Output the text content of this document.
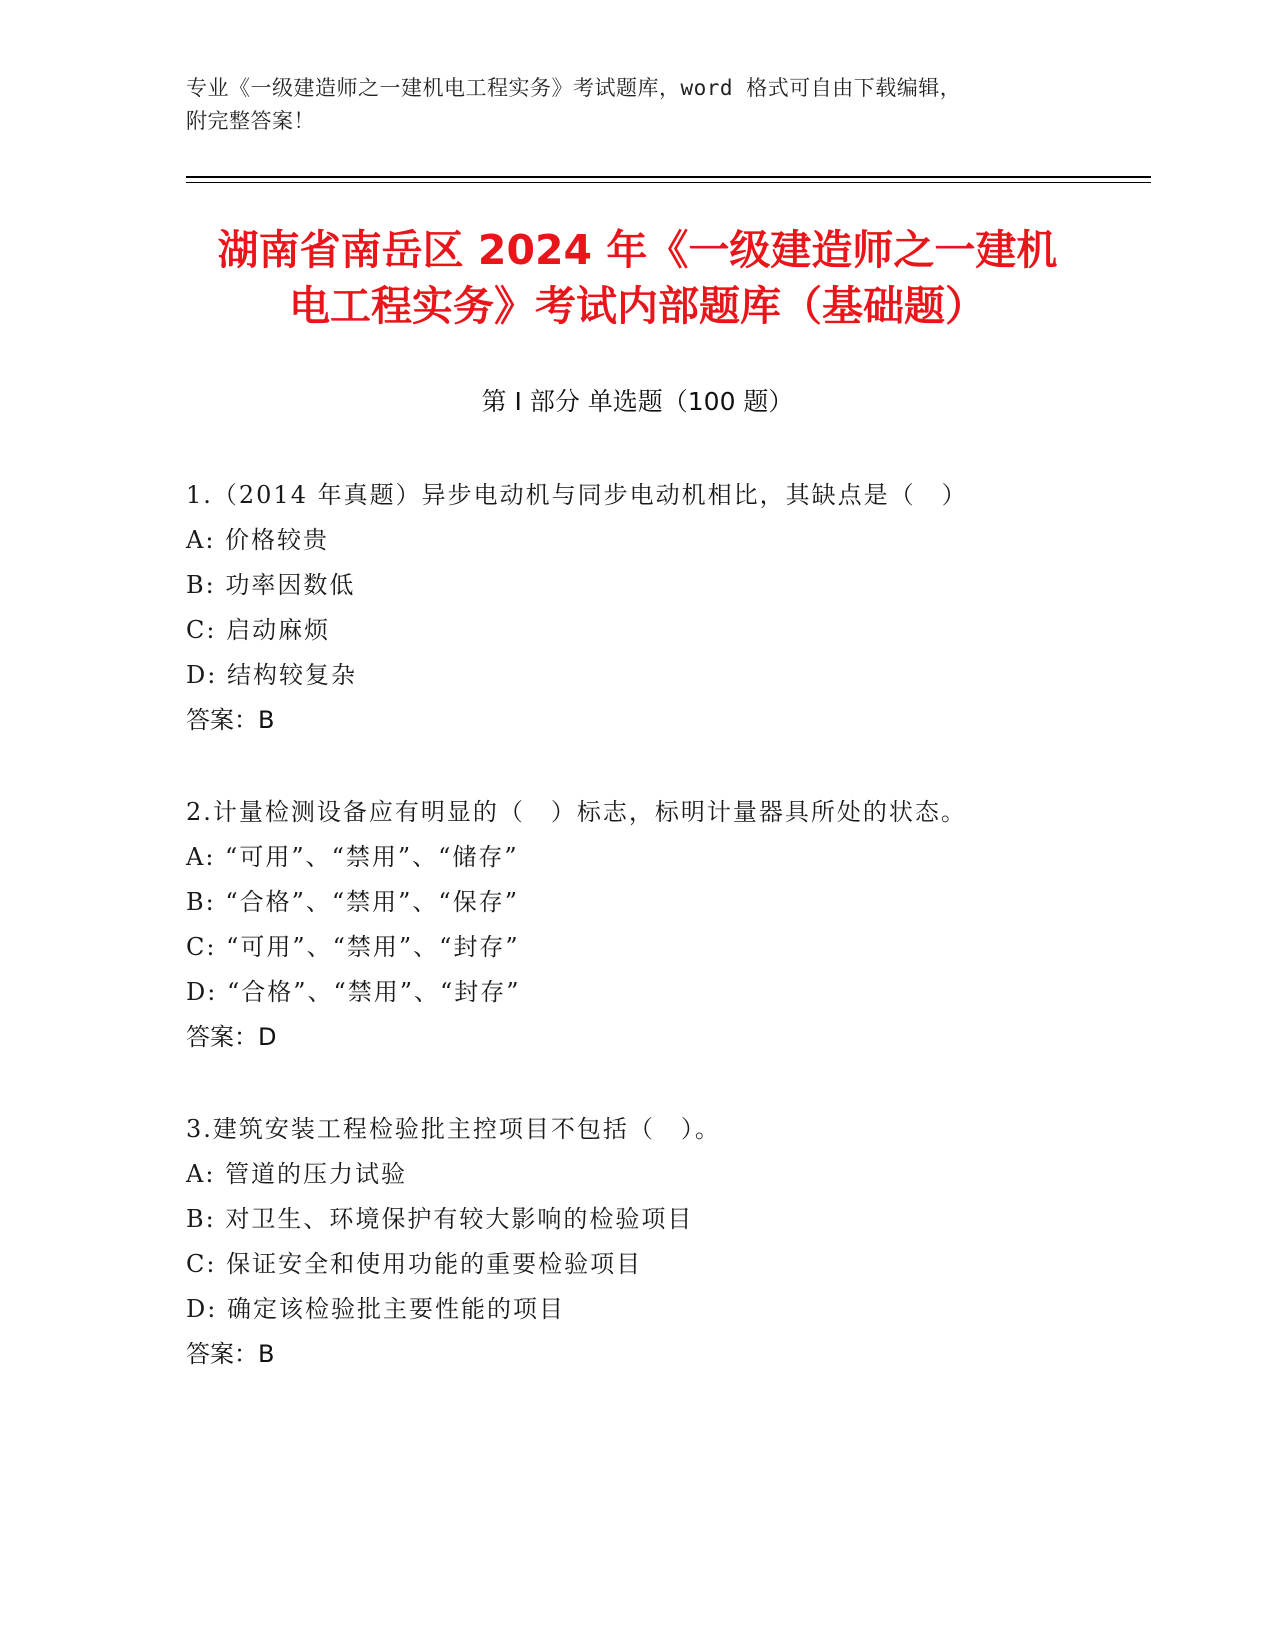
专业《一级建造师之一建机电工程实务》考试题库，word 格式可自由下载编辑，
附完整答案！
湖南省南岳区 2024 年《一级建造师之一建机
电工程实务》考试内部题库（基础题）
第 I 部分 单选题（100 题）
1.（2014 年真题）异步电动机与同步电动机相比，其缺点是（　）
A: 价格较贵
B: 功率因数低
C: 启动麻烦
D: 结构较复杂
答案：B
2.计量检测设备应有明显的（　）标志，标明计量器具所处的状态。
A: “可用”、“禁用”、“储存”
B: “合格”、“禁用”、“保存”
C: “可用”、“禁用”、“封存”
D: “合格”、“禁用”、“封存”
答案：D
3.建筑安装工程检验批主控项目不包括（　）。
A: 管道的压力试验
B: 对卫生、环境保护有较大影响的检验项目
C: 保证安全和使用功能的重要检验项目
D: 确定该检验批主要性能的项目
答案：B
